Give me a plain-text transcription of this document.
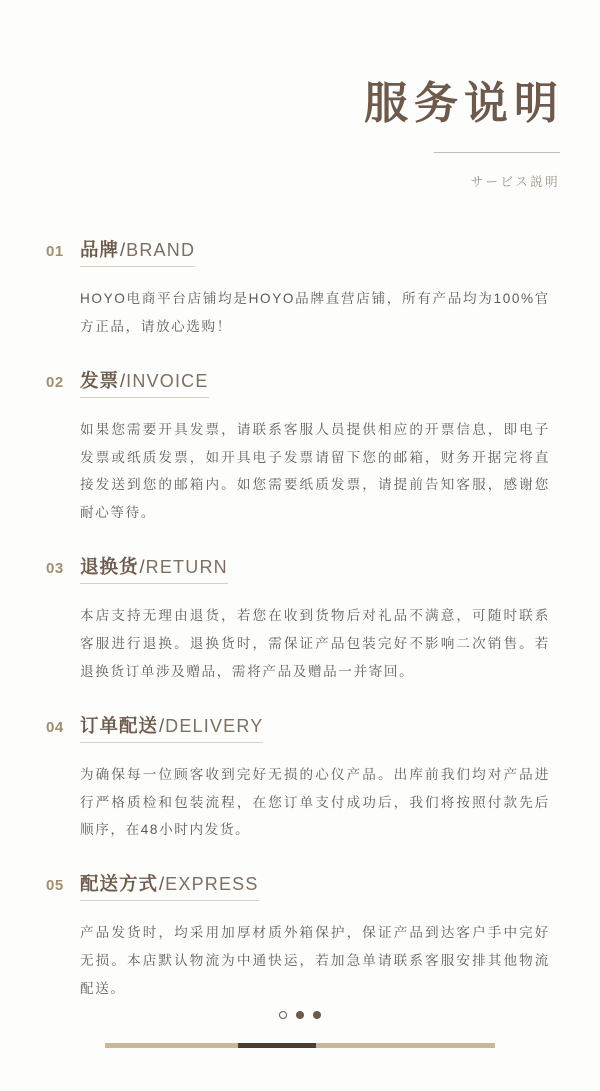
服务说明
サービス説明
01 品牌/BRAND
HOYO电商平台店铺均是HOYO品牌直营店铺，所有产品均为100%官方正品，请放心选购！
02 发票/INVOICE
如果您需要开具发票，请联系客服人员提供相应的开票信息，即电子发票或纸质发票，如开具电子发票请留下您的邮箱，财务开据完将直接发送到您的邮箱内。如您需要纸质发票，请提前告知客服，感谢您耐心等待。
03 退换货/RETURN
本店支持无理由退货，若您在收到货物后对礼品不满意，可随时联系客服进行退换。退换货时，需保证产品包装完好不影响二次销售。若退换货订单涉及赠品，需将产品及赠品一并寄回。
04 订单配送/DELIVERY
为确保每一位顾客收到完好无损的心仪产品。出库前我们均对产品进行严格质检和包装流程，在您订单支付成功后，我们将按照付款先后顺序，在48小时内发货。
05 配送方式/EXPRESS
产品发货时，均采用加厚材质外箱保护，保证产品到达客户手中完好无损。本店默认物流为中通快运，若加急单请联系客服安排其他物流配送。
